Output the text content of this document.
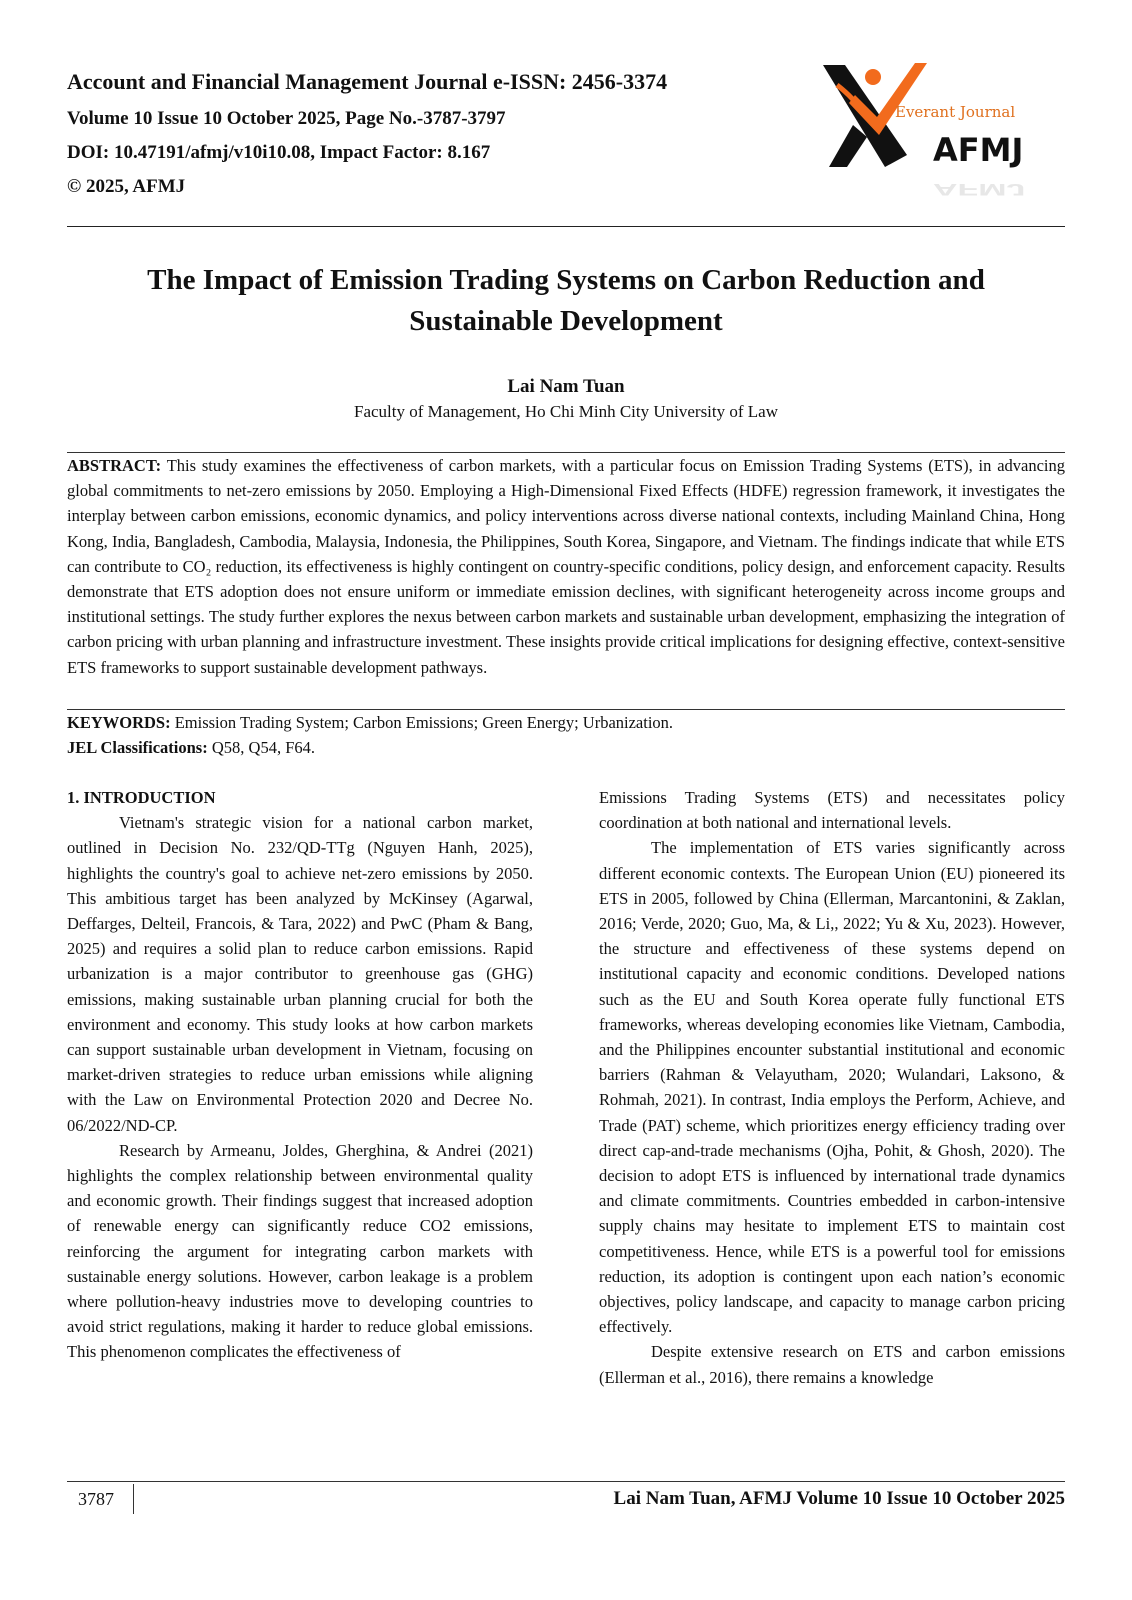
Account and Financial Management Journal e-ISSN: 2456-3374

Volume 10 Issue 10 October 2025, Page No.-3787-3797

DOI: 10.47191/afmj/v10i10.08, Impact Factor: 8.167

© 2025, AFMJ	AFMJ
Everant Journal
AFMJ
The Impact of Emission Trading Systems on Carbon Reduction and
Sustainable Development

Lai Nam Tuan

Faculty of Management, Ho Chi Minh City University of Law

ABSTRACT: This study examines the effectiveness of carbon markets, with a particular focus on Emission Trading Systems (ETS), in advancing global commitments to net-zero emissions by 2050. Employing a High-Dimensional Fixed Effects (HDFE) regression framework, it investigates the interplay between carbon emissions, economic dynamics, and policy interventions across diverse national contexts, including Mainland China, Hong Kong, India, Bangladesh, Cambodia, Malaysia, Indonesia, the Philippines, South Korea, Singapore, and Vietnam. The findings indicate that while ETS can contribute to CO₂ reduction, its effectiveness is highly contingent on country-specific conditions, policy design, and enforcement capacity. Results demonstrate that ETS adoption does not ensure uniform or immediate emission declines, with significant heterogeneity across income groups and institutional settings. The study further explores the nexus between carbon markets and sustainable urban development, emphasizing the integration of carbon pricing with urban planning and infrastructure investment. These insights provide critical implications for designing effective, context-sensitive ETS frameworks to support sustainable development pathways.

KEYWORDS: Emission Trading System; Carbon Emissions; Green Energy; Urbanization.

JEL Classifications: Q58, Q54, F64.

1. INTRODUCTION

Vietnam's strategic vision for a national carbon market, outlined in Decision No. 232/QD-TTg (Nguyen Hanh, 2025), highlights the country's goal to achieve net-zero emissions by 2050. This ambitious target has been analyzed by McKinsey (Agarwal, Deffarges, Delteil, Francois, & Tara, 2022) and PwC (Pham & Bang, 2025) and requires a solid plan to reduce carbon emissions. Rapid urbanization is a major contributor to greenhouse gas (GHG) emissions, making sustainable urban planning crucial for both the environment and economy. This study looks at how carbon markets can support sustainable urban development in Vietnam, focusing on market-driven strategies to reduce urban emissions while aligning with the Law on Environmental Protection 2020 and Decree No. 06/2022/ND-CP.

Research by Armeanu, Joldes, Gherghina, & Andrei (2021) highlights the complex relationship between environmental quality and economic growth. Their findings suggest that increased adoption of renewable energy can significantly reduce CO2 emissions, reinforcing the argument for integrating carbon markets with sustainable energy solutions. However, carbon leakage is a problem where pollution-heavy industries move to developing countries to avoid strict regulations, making it harder to reduce global emissions. This phenomenon complicates the effectiveness of

Emissions Trading Systems (ETS) and necessitates policy coordination at both national and international levels.

The implementation of ETS varies significantly across different economic contexts. The European Union (EU) pioneered its ETS in 2005, followed by China (Ellerman, Marcantonini, & Zaklan, 2016; Verde, 2020; Guo, Ma, & Li,, 2022; Yu & Xu, 2023). However, the structure and effectiveness of these systems depend on institutional capacity and economic conditions. Developed nations such as the EU and South Korea operate fully functional ETS frameworks, whereas developing economies like Vietnam, Cambodia, and the Philippines encounter substantial institutional and economic barriers (Rahman & Velayutham, 2020; Wulandari, Laksono, & Rohmah, 2021). In contrast, India employs the Perform, Achieve, and Trade (PAT) scheme, which prioritizes energy efficiency trading over direct cap-and-trade mechanisms (Ojha, Pohit, & Ghosh, 2020). The decision to adopt ETS is influenced by international trade dynamics and climate commitments. Countries embedded in carbon-intensive supply chains may hesitate to implement ETS to maintain cost competitiveness. Hence, while ETS is a powerful tool for emissions reduction, its adoption is contingent upon each nation’s economic objectives, policy landscape, and capacity to manage carbon pricing effectively.

Despite extensive research on ETS and carbon emissions (Ellerman et al., 2016), there remains a knowledge

3787	Lai Nam Tuan, AFMJ Volume 10 Issue 10 October 2025
